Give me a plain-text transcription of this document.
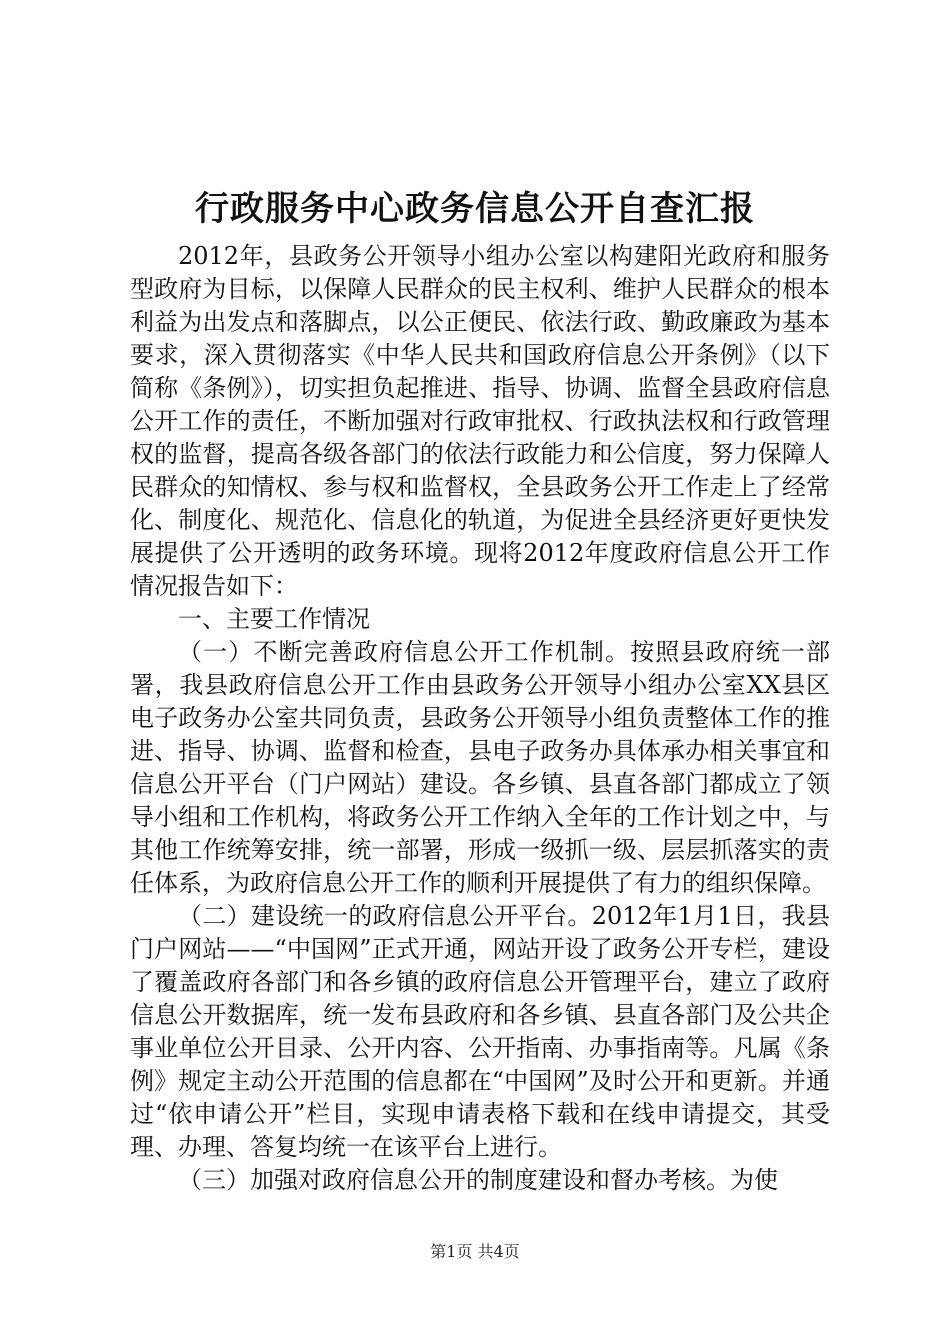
行政服务中心政务信息公开自查汇报

2012年，县政务公开领导小组办公室以构建阳光政府和服务型政府为目标，以保障人民群众的民主权利、维护人民群众的根本利益为出发点和落脚点，以公正便民、依法行政、勤政廉政为基本要求，深入贯彻落实《中华人民共和国政府信息公开条例》（以下简称《条例》），切实担负起推进、指导、协调、监督全县政府信息公开工作的责任，不断加强对行政审批权、行政执法权和行政管理权的监督，提高各级各部门的依法行政能力和公信度，努力保障人民群众的知情权、参与权和监督权，全县政务公开工作走上了经常化、制度化、规范化、信息化的轨道，为促进全县经济更好更快发展提供了公开透明的政务环境。现将2012年度政府信息公开工作情况报告如下：

一、主要工作情况

（一）不断完善政府信息公开工作机制。按照县政府统一部署，我县政府信息公开工作由县政务公开领导小组办公室XX县区电子政务办公室共同负责，县政务公开领导小组负责整体工作的推进、指导、协调、监督和检查，县电子政务办具体承办相关事宜和信息公开平台（门户网站）建设。各乡镇、县直各部门都成立了领导小组和工作机构，将政务公开工作纳入全年的工作计划之中，与其他工作统筹安排，统一部署，形成一级抓一级、层层抓落实的责任体系，为政府信息公开工作的顺利开展提供了有力的组织保障。

（二）建设统一的政府信息公开平台。2012年1月1日，我县门户网站——“中国网”正式开通，网站开设了政务公开专栏，建设了覆盖政府各部门和各乡镇的政府信息公开管理平台，建立了政府信息公开数据库，统一发布县政府和各乡镇、县直各部门及公共企事业单位公开目录、公开内容、公开指南、办事指南等。凡属《条例》规定主动公开范围的信息都在“中国网”及时公开和更新。并通过“依申请公开”栏目，实现申请表格下载和在线申请提交，其受理、办理、答复均统一在该平台上进行。

（三）加强对政府信息公开的制度建设和督办考核。为使

第1页 共4页
